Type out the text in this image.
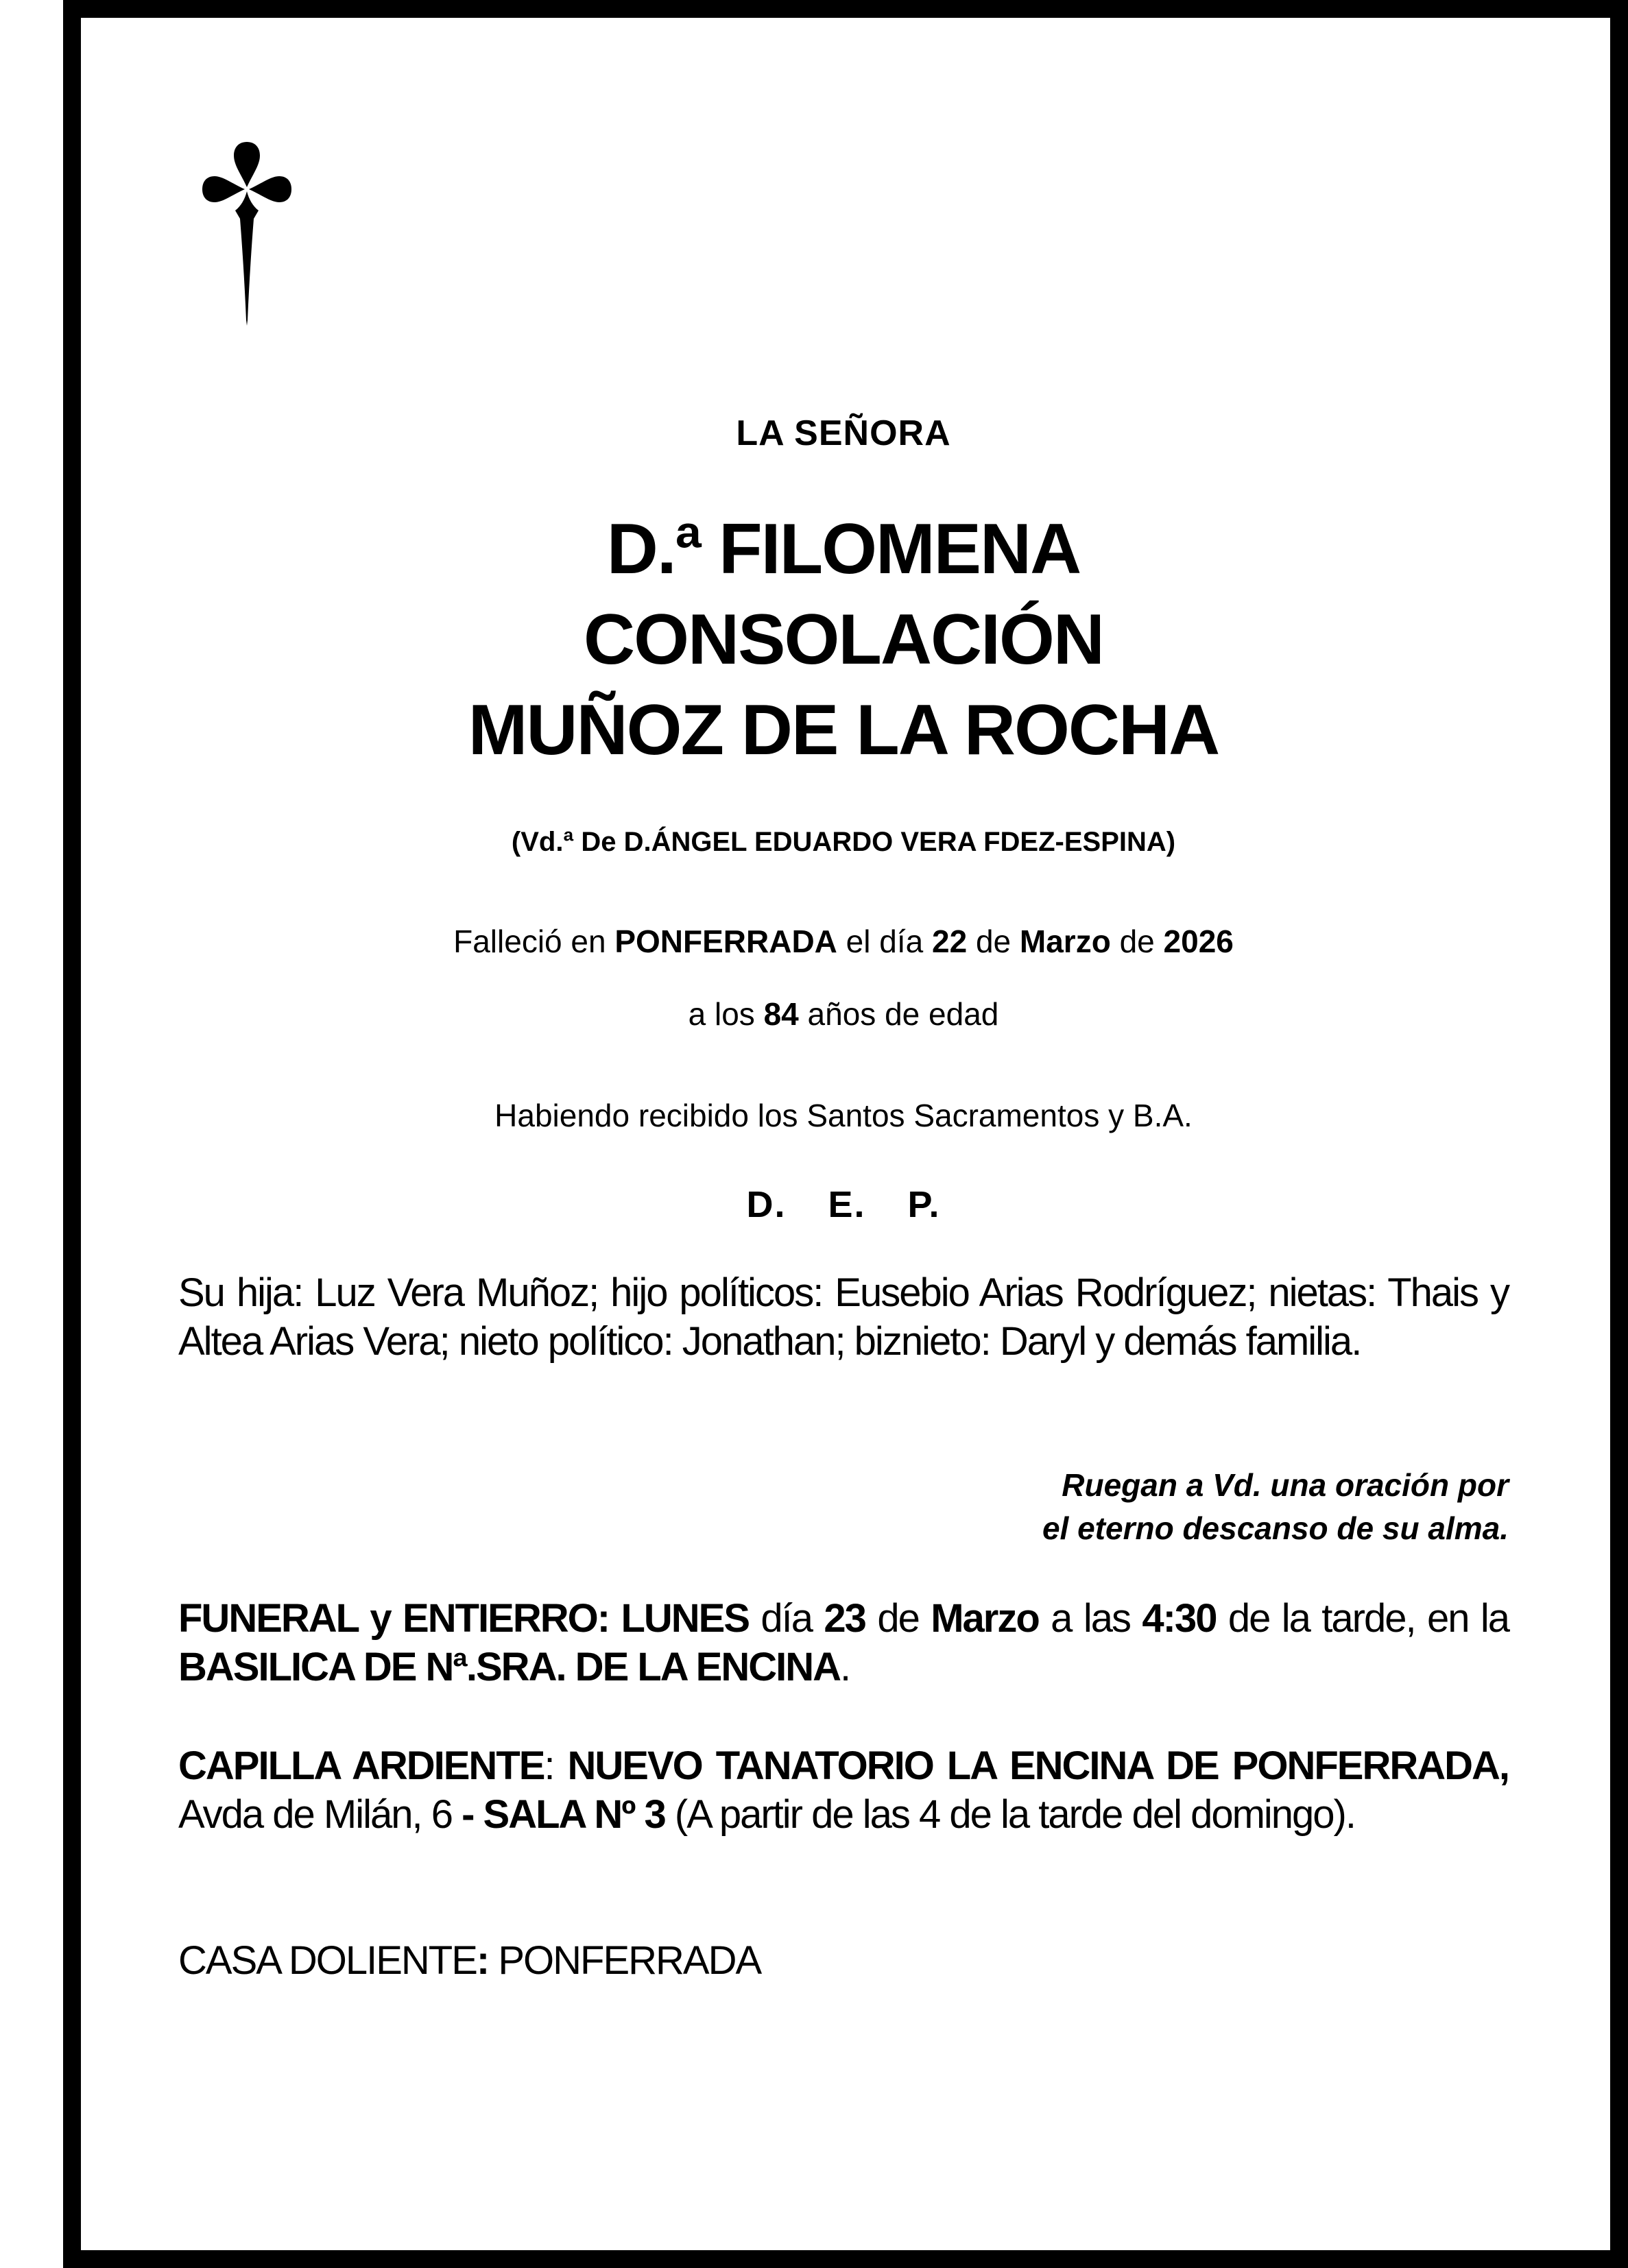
LA SEÑORA

D.ª FILOMENA
CONSOLACIÓN
MUÑOZ DE LA ROCHA

(Vd.ª De D.ÁNGEL EDUARDO VERA FDEZ-ESPINA)

Falleció en PONFERRADA el día 22 de Marzo de 2026

a los 84 años de edad

Habiendo recibido los Santos Sacramentos y B.A.

D. E. P.

Su hija: Luz Vera Muñoz; hijo políticos: Eusebio Arias Rodríguez; nietas: Thais y Altea Arias Vera; nieto político: Jonathan; biznieto: Daryl y demás familia.

Ruegan a Vd. una oración por
el eterno descanso de su alma.

FUNERAL y ENTIERRO: LUNES día 23 de Marzo a las 4:30 de la tarde, en la BASILICA DE Nª.SRA. DE LA ENCINA.

CAPILLA ARDIENTE: NUEVO TANATORIO LA ENCINA DE PONFERRADA, Avda de Milán, 6 - SALA Nº 3 (A partir de las 4 de la tarde del domingo).

CASA DOLIENTE: PONFERRADA
